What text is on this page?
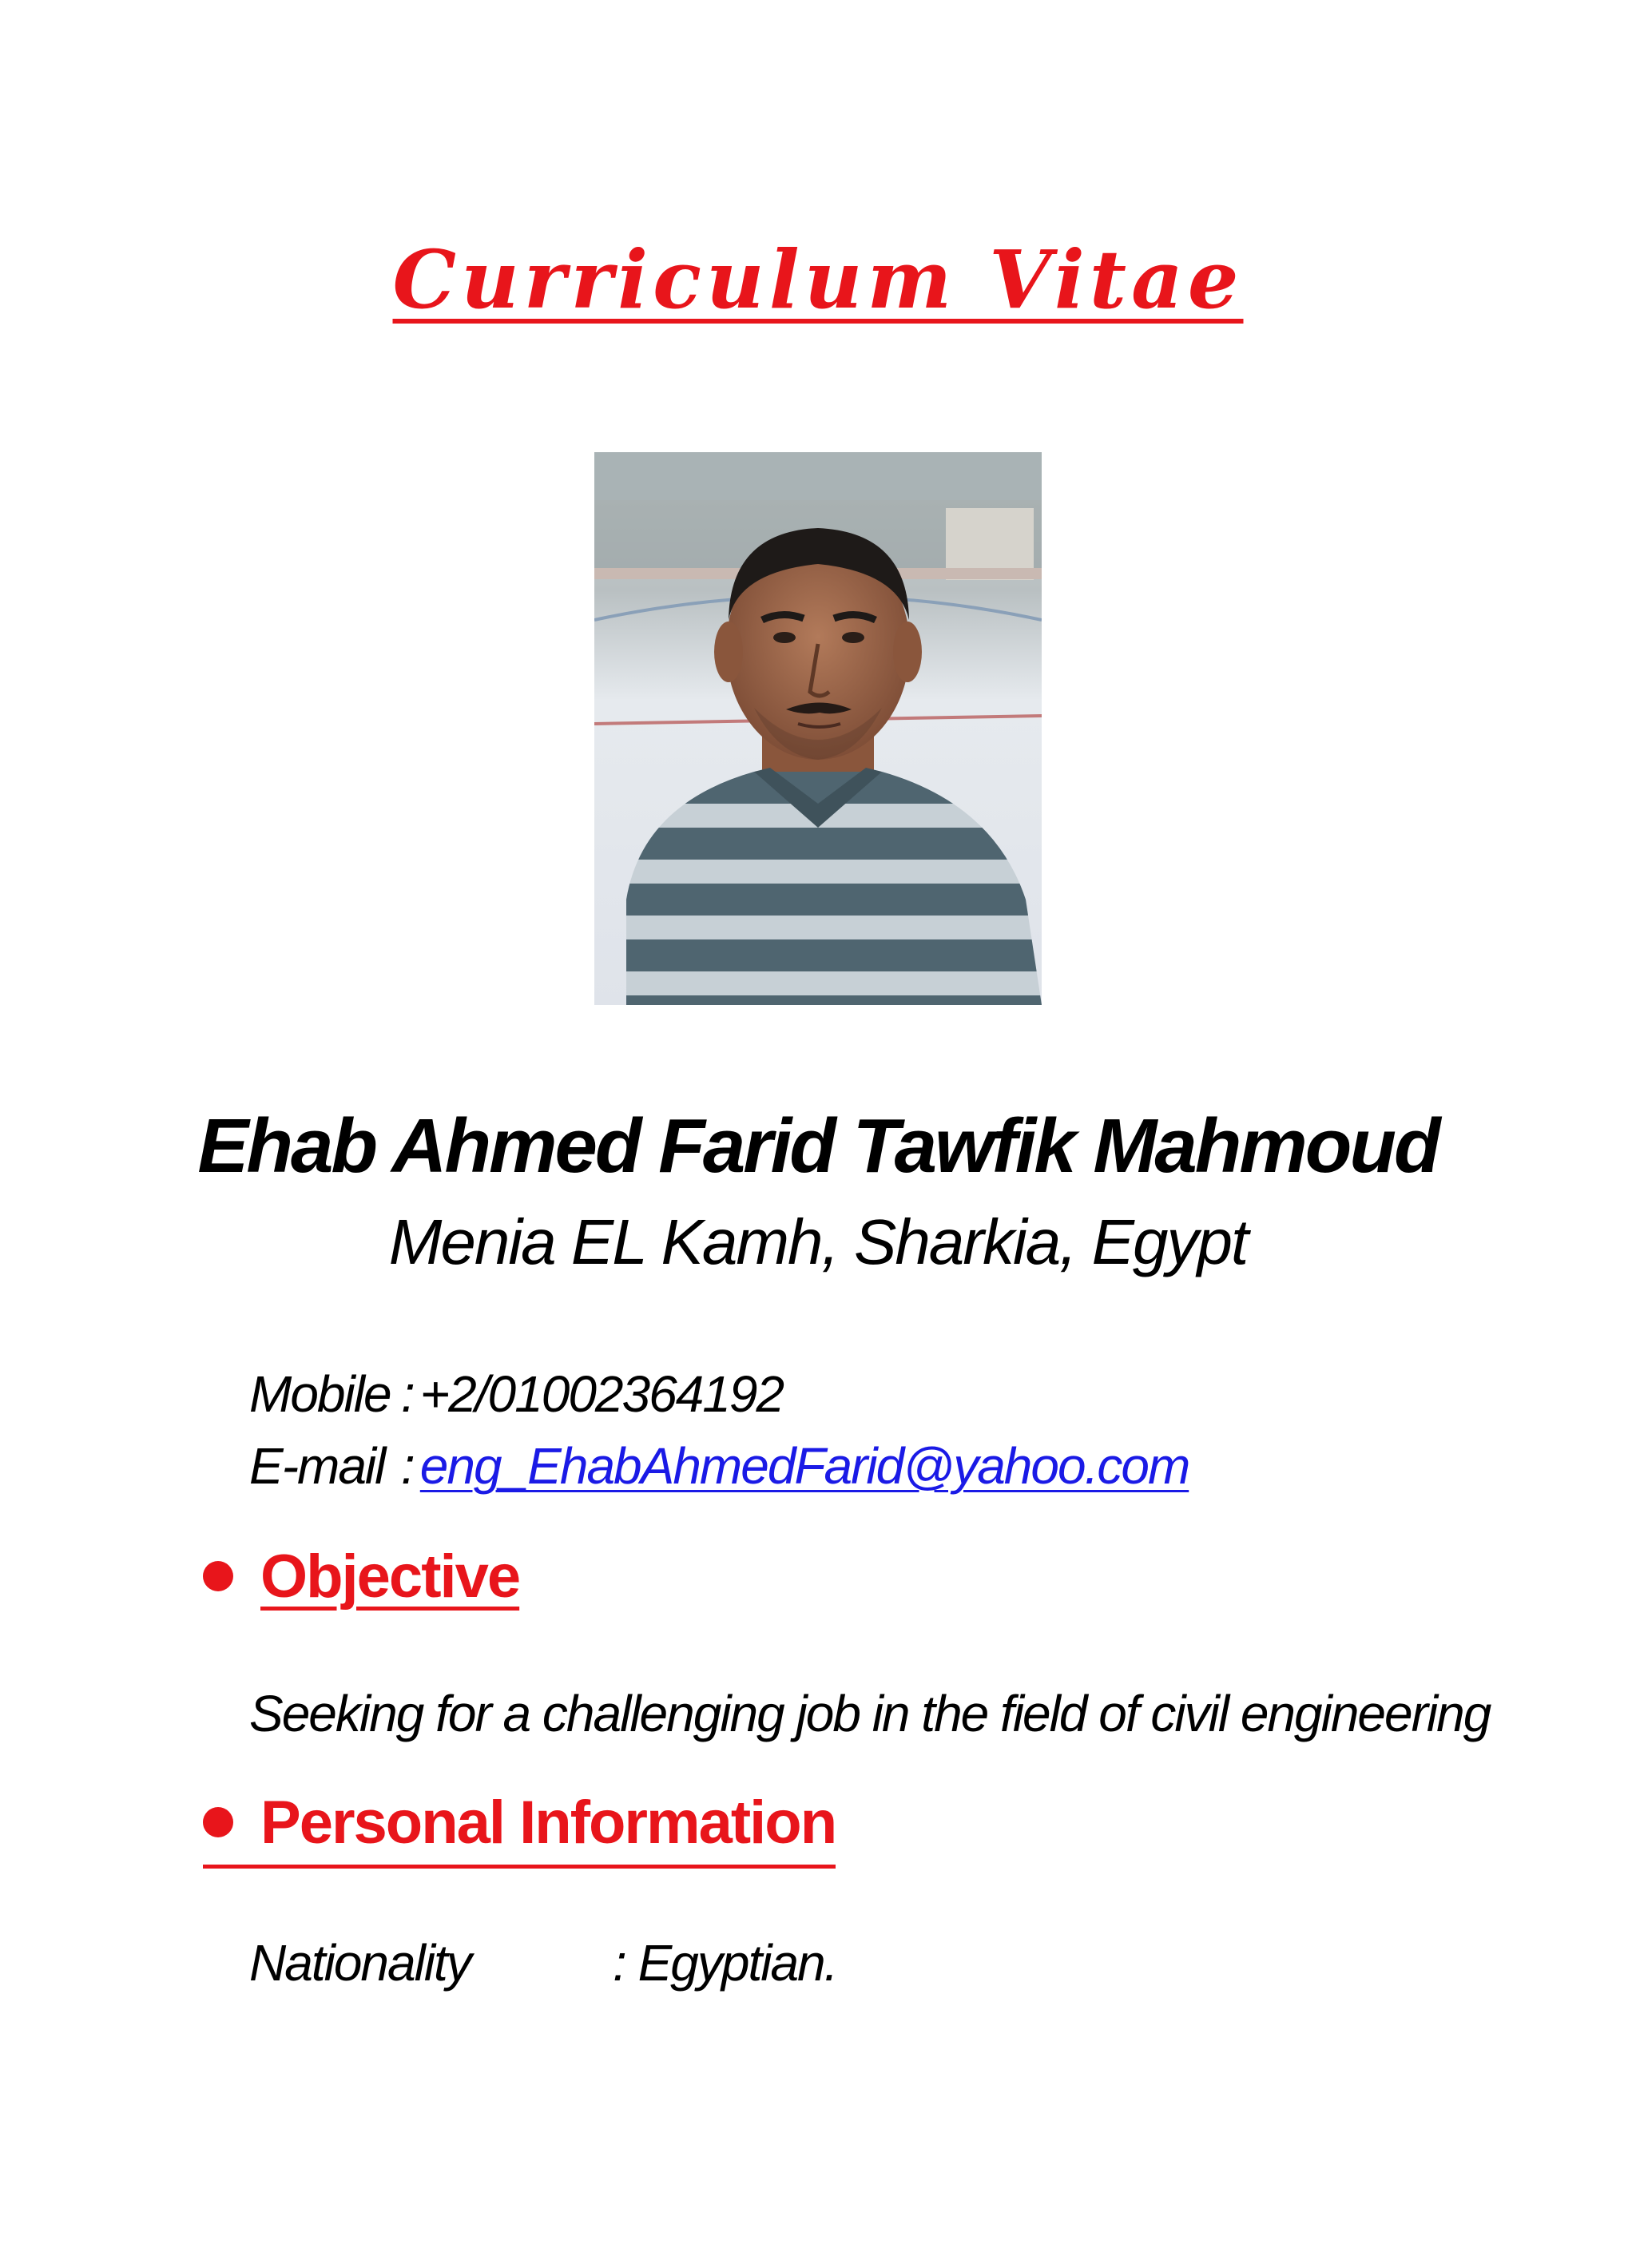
Curriculum Vitae
Ehab Ahmed Farid Tawfik Mahmoud
Menia EL Kamh, Sharkia, Egypt
Mobile : +2/01002364192
E-mail : eng_EhabAhmedFarid@yahoo.com
Objective
Seeking for a challenging job in the field of civil engineering
Personal Information
Nationality	: Egyptian.
